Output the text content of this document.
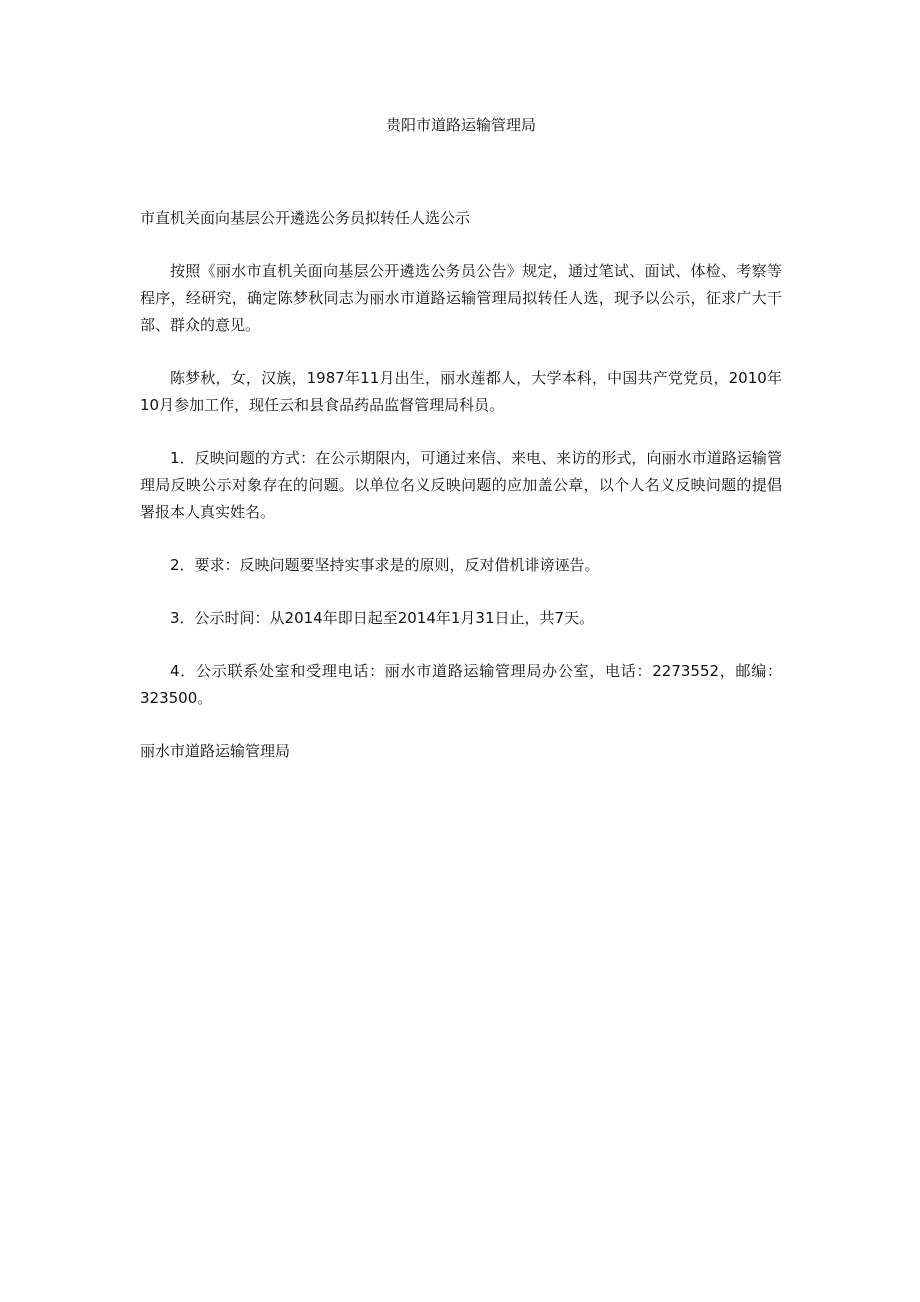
贵阳市道路运输管理局
市直机关面向基层公开遴选公务员拟转任人选公示

按照《丽水市直机关面向基层公开遴选公务员公告》规定，通过笔试、面试、体检、考察等程序，经研究，确定陈梦秋同志为丽水市道路运输管理局拟转任人选，现予以公示，征求广大干部、群众的意见。

陈梦秋，女，汉族，1987年11月出生，丽水莲都人，大学本科，中国共产党党员，2010年10月参加工作，现任云和县食品药品监督管理局科员。

1．反映问题的方式：在公示期限内，可通过来信、来电、来访的形式，向丽水市道路运输管理局反映公示对象存在的问题。以单位名义反映问题的应加盖公章，以个人名义反映问题的提倡署报本人真实姓名。

2．要求：反映问题要坚持实事求是的原则，反对借机诽谤诬告。

3．公示时间：从2014年即日起至2014年1月31日止，共7天。

4．公示联系处室和受理电话：丽水市道路运输管理局办公室，电话：2273552，邮编：323500。

丽水市道路运输管理局
